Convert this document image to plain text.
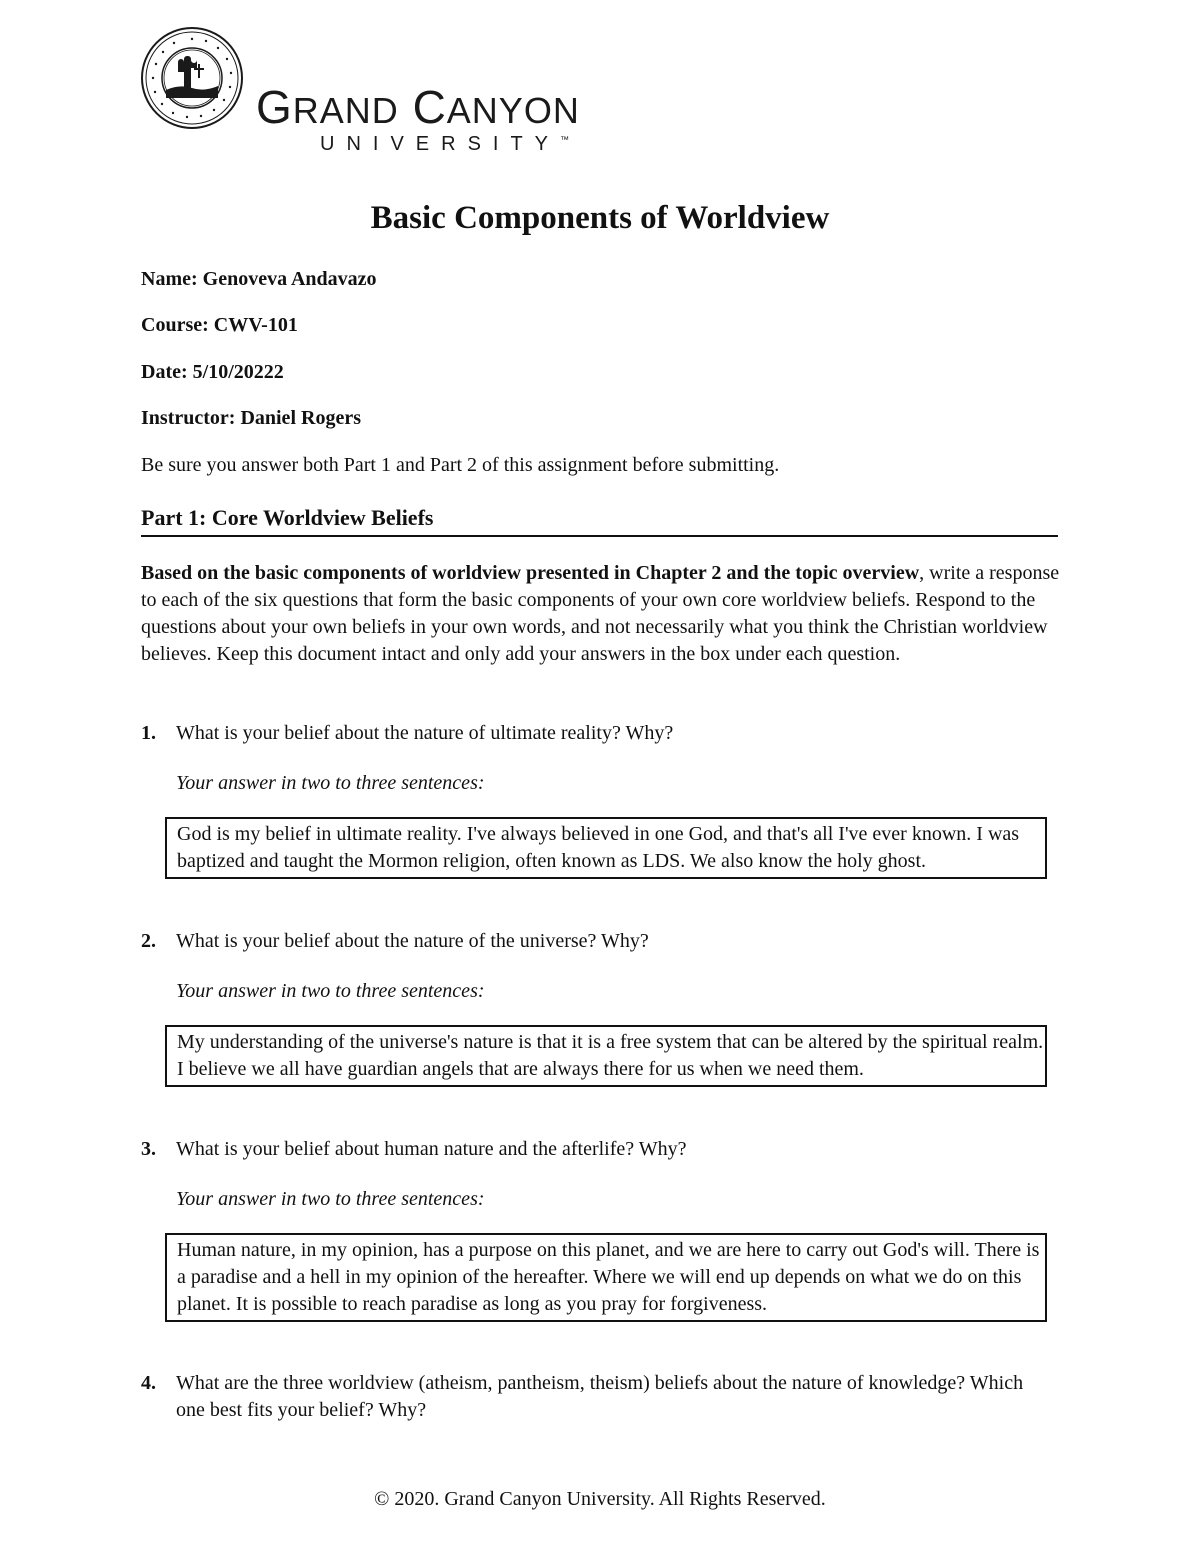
GRAND CANYON
UNIVERSITY™
Basic Components of Worldview
Name: Genoveva Andavazo
Course: CWV-101
Date: 5/10/20222
Instructor: Daniel Rogers
Be sure you answer both Part 1 and Part 2 of this assignment before submitting.
Part 1: Core Worldview Beliefs
Based on the basic components of worldview presented in Chapter 2 and the topic overview, write a response to each of the six questions that form the basic components of your own core worldview beliefs. Respond to the questions about your own beliefs in your own words, and not necessarily what you think the Christian worldview believes. Keep this document intact and only add your answers in the box under each question.
1. What is your belief about the nature of ultimate reality? Why?
Your answer in two to three sentences:
God is my belief in ultimate reality. I've always believed in one God, and that's all I've ever known. I was baptized and taught the Mormon religion, often known as LDS. We also know the holy ghost.
2. What is your belief about the nature of the universe? Why?
Your answer in two to three sentences:
My understanding of the universe's nature is that it is a free system that can be altered by the spiritual realm. I believe we all have guardian angels that are always there for us when we need them.
3. What is your belief about human nature and the afterlife? Why?
Your answer in two to three sentences:
Human nature, in my opinion, has a purpose on this planet, and we are here to carry out God's will. There is a paradise and a hell in my opinion of the hereafter. Where we will end up depends on what we do on this planet. It is possible to reach paradise as long as you pray for forgiveness.
4. What are the three worldview (atheism, pantheism, theism) beliefs about the nature of knowledge? Which one best fits your belief? Why?
© 2020. Grand Canyon University. All Rights Reserved.
